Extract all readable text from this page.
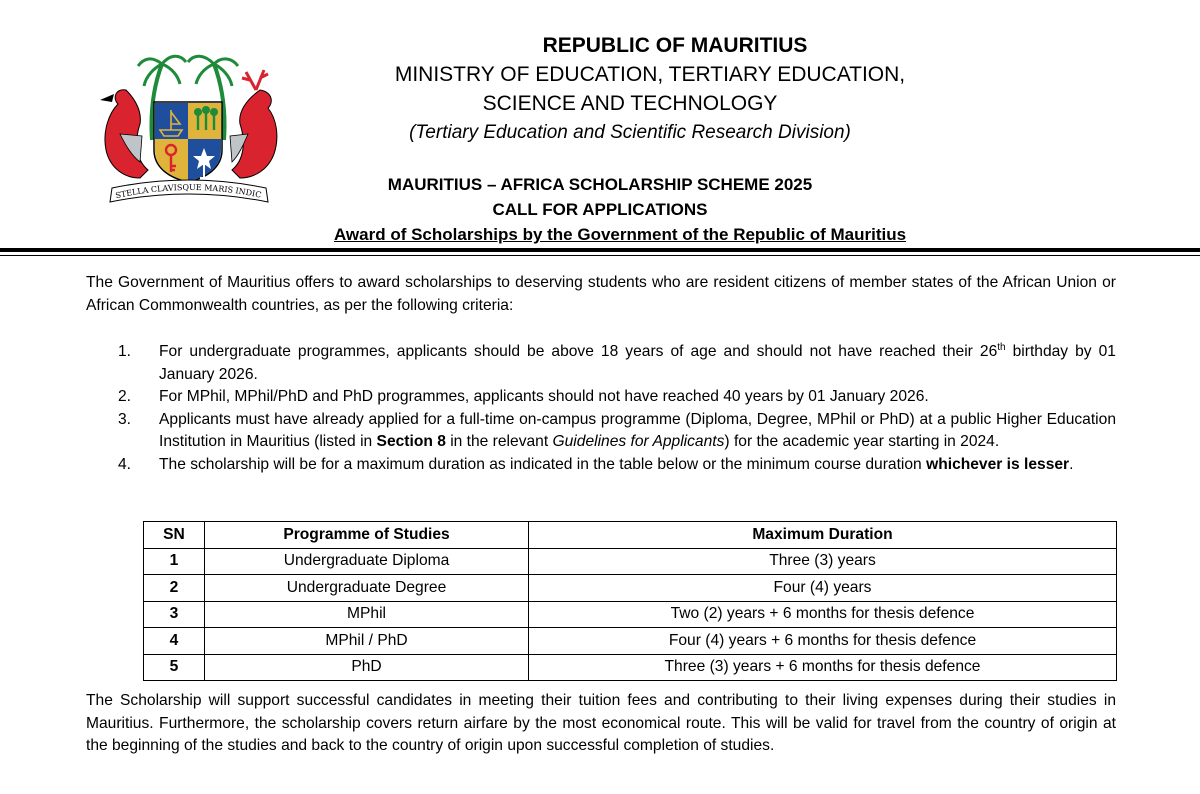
STELLA CLAVISQUE MARIS INDIC
REPUBLIC OF MAURITIUS
MINISTRY OF EDUCATION, TERTIARY EDUCATION,
SCIENCE AND TECHNOLOGY
(Tertiary Education and Scientific Research Division)
MAURITIUS – AFRICA SCHOLARSHIP SCHEME 2025
CALL FOR APPLICATIONS
Award of Scholarships by the Government of the Republic of Mauritius
The Government of Mauritius offers to award scholarships to deserving students who are resident citizens of member states of the African Union or African Commonwealth countries, as per the following criteria:
1. For undergraduate programmes, applicants should be above 18 years of age and should not have reached their 26th birthday by 01 January 2026.
2. For MPhil, MPhil/PhD and PhD programmes, applicants should not have reached 40 years by 01 January 2026.
3. Applicants must have already applied for a full-time on-campus programme (Diploma, Degree, MPhil or PhD) at a public Higher Education Institution in Mauritius (listed in Section 8 in the relevant Guidelines for Applicants) for the academic year starting in 2024.
4. The scholarship will be for a maximum duration as indicated in the table below or the minimum course duration whichever is lesser.
SN	Programme of Studies	Maximum Duration
1	Undergraduate Diploma	Three (3) years
2	Undergraduate Degree	Four (4) years
3	MPhil	Two (2) years + 6 months for thesis defence
4	MPhil / PhD	Four (4) years + 6 months for thesis defence
5	PhD	Three (3) years + 6 months for thesis defence
The Scholarship will support successful candidates in meeting their tuition fees and contributing to their living expenses during their studies in Mauritius. Furthermore, the scholarship covers return airfare by the most economical route. This will be valid for travel from the country of origin at the beginning of the studies and back to the country of origin upon successful completion of studies.
